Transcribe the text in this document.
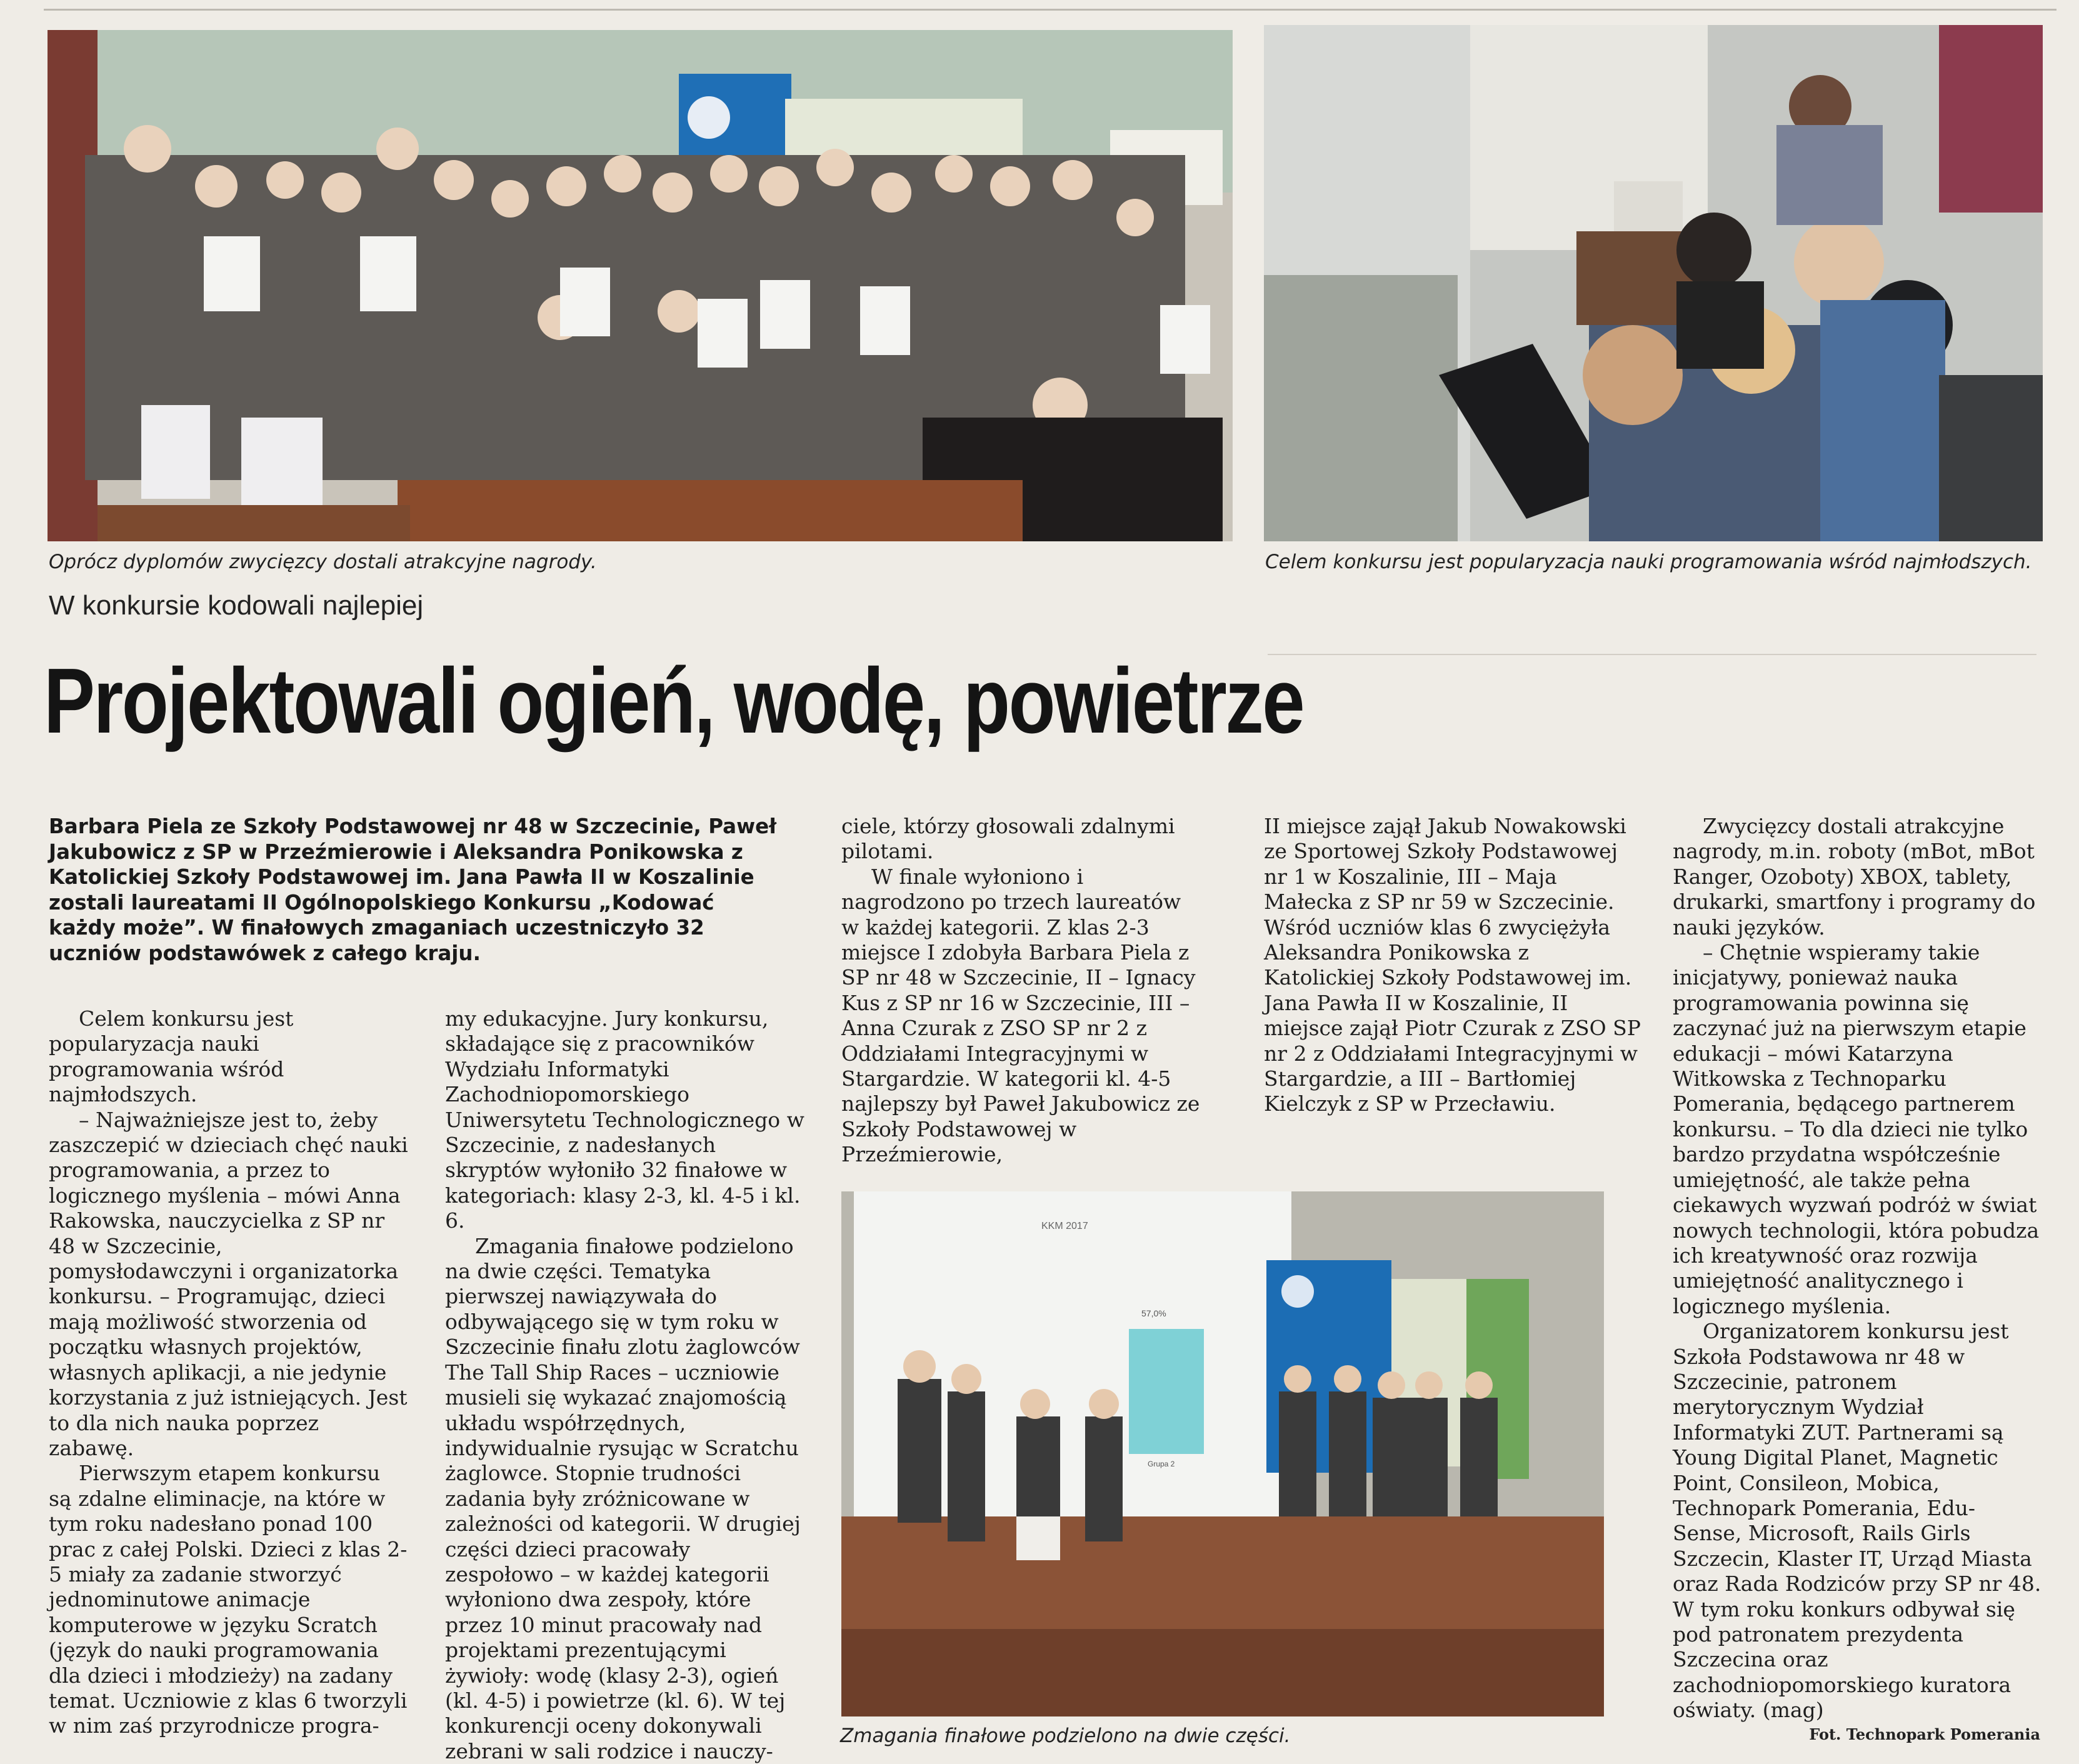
Oprócz dyplomów zwycięzcy dostali atrakcyjne nagrody.	Celem konkursu jest popularyzacja nauki programowania wśród najmłodszych.
W konkursie kodowali najlepiej
Projektowali ogień, wodę, powietrze
Barbara Piela ze Szkoły Podstawowej nr 48 w Szczecinie, Paweł Jakubowicz z SP w Przeźmierowie i Aleksandra Ponikowska z Katolickiej Szkoły Podstawowej im. Jana Pawła II w Koszalinie zostali laureatami II Ogólnopolskiego Konkursu „Kodować każdy może”. W finałowych zmaganiach uczestniczyło 32 uczniów podstawówek z całego kraju.

Celem konkursu jest popularyzacja nauki programowania wśród najmłodszych.

– Najważniejsze jest to, żeby zaszczepić w dzieciach chęć nauki programowania, a przez to logicznego myślenia – mówi Anna Rakowska, nauczycielka z SP nr 48 w Szczecinie, pomysłodawczyni i organizatorka konkursu. – Programując, dzieci mają możliwość stworzenia od początku własnych projektów, własnych aplikacji, a nie jedynie korzystania z już istniejących. Jest to dla nich nauka poprzez zabawę.

Pierwszym etapem konkursu są zdalne eliminacje, na które w tym roku nadesłano ponad 100 prac z całej Polski. Dzieci z klas 2-5 miały za zadanie stworzyć jednominutowe animacje komputerowe w języku Scratch (język do nauki programowania dla dzieci i młodzieży) na zadany temat. Uczniowie z klas 6 tworzyli w nim zaś przyrodnicze progra-

my edukacyjne. Jury konkursu, składające się z pracowników Wydziału Informatyki Zachodniopomorskiego Uniwersytetu Technologicznego w Szczecinie, z nadesłanych skryptów wyłoniło 32 finałowe w kategoriach: klasy 2-3, kl. 4-5 i kl. 6.

Zmagania finałowe podzielono na dwie części. Tematyka pierwszej nawiązywała do odbywającego się w tym roku w Szczecinie finału zlotu żaglowców The Tall Ship Races – uczniowie musieli się wykazać znajomością układu współrzędnych, indywidualnie rysując w Scratchu żaglowce. Stopnie trudności zadania były zróżnicowane w zależności od kategorii. W drugiej części dzieci pracowały zespołowo – w każdej kategorii wyłoniono dwa zespoły, które przez 10 minut pracowały nad projektami prezentującymi żywioły: wodę (klasy 2-3), ogień (kl. 4-5) i powietrze (kl. 6). W tej konkurencji oceny dokonywali zebrani w sali rodzice i nauczy-

ciele, którzy głosowali zdalnymi pilotami.

W finale wyłoniono i nagrodzono po trzech laureatów w każdej kategorii. Z klas 2-3 miejsce I zdobyła Barbara Piela z SP nr 48 w Szczecinie, II – Ignacy Kus z SP nr 16 w Szczecinie, III – Anna Czurak z ZSO SP nr 2 z Oddziałami Integracyjnymi w Stargardzie. W kategorii kl. 4-5 najlepszy był Paweł Jakubowicz ze Szkoły Podstawowej w Przeźmierowie,

II miejsce zajął Jakub Nowakowski ze Sportowej Szkoły Podstawowej nr 1 w Koszalinie, III – Maja Małecka z SP nr 59 w Szczecinie. Wśród uczniów klas 6 zwyciężyła Aleksandra Ponikowska z Katolickiej Szkoły Podstawowej im. Jana Pawła II w Koszalinie, II miejsce zajął Piotr Czurak z ZSO SP nr 2 z Oddziałami Integracyjnymi w Stargardzie, a III – Bartłomiej Kielczyk z SP w Przecławiu.

Zwycięzcy dostali atrakcyjne nagrody, m.in. roboty (mBot, mBot Ranger, Ozoboty) XBOX, tablety, drukarki, smartfony i programy do nauki języków.

– Chętnie wspieramy takie inicjatywy, ponieważ nauka programowania powinna się zaczynać już na pierwszym etapie edukacji – mówi Katarzyna Witkowska z Technoparku Pomerania, będącego partnerem konkursu. – To dla dzieci nie tylko bardzo przydatna współcześnie umiejętność, ale także pełna ciekawych wyzwań podróż w świat nowych technologii, która pobudza ich kreatywność oraz rozwija umiejętność analitycznego i logicznego myślenia.

Organizatorem konkursu jest Szkoła Podstawowa nr 48 w Szczecinie, patronem merytorycznym Wydział Informatyki ZUT. Partnerami są Young Digital Planet, Magnetic Point, Consileon, Mobica, Technopark Pomerania, Edu-Sense, Microsoft, Rails Girls Szczecin, Klaster IT, Urząd Miasta oraz Rada Rodziców przy SP nr 48. W tym roku konkurs odbywał się pod patronatem prezydenta Szczecina oraz zachodniopomorskiego kuratora oświaty. (mag)

KKM 2017
57,0%
Grupa 2
Zmagania finałowe podzielono na dwie części.	Fot. Technopark Pomerania
